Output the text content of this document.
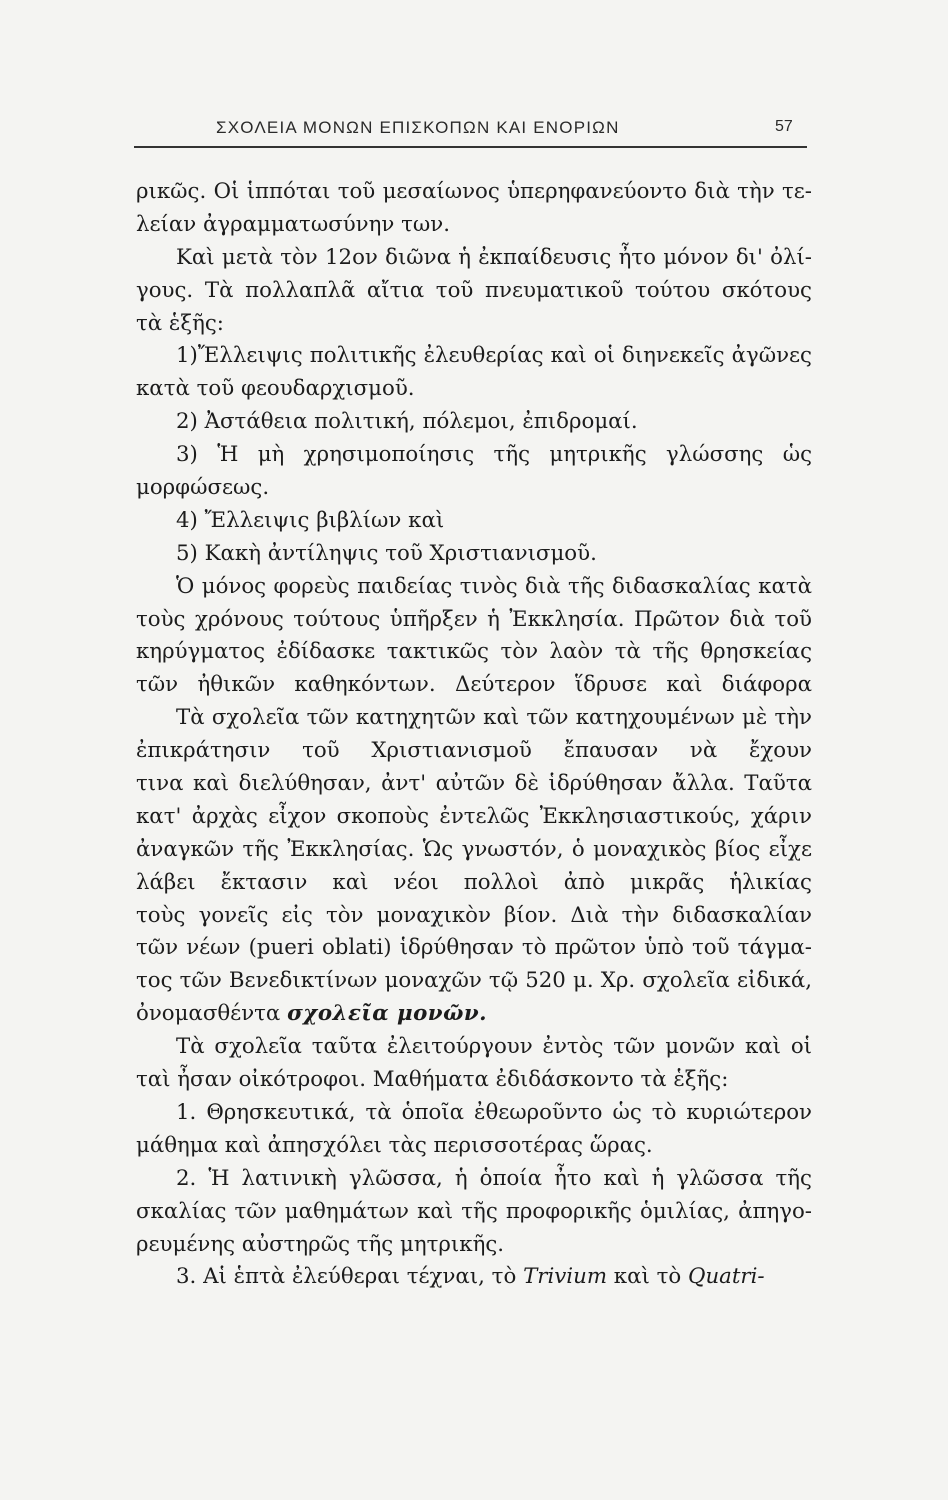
ΣΧΟΛΕΙΑ ΜΟΝΩΝ ΕΠΙΣΚΟΠΩΝ ΚΑΙ ΕΝΟΡΙΩΝ	57
ρικῶς. Οἱ ἱππόται τοῦ μεσαίωνος ὑπερηφανεύοντο διὰ τὴν τε-
λείαν ἀγραμματωσύνην των.
Καὶ μετὰ τὸν 12ον διῶνα ἡ ἐκπαίδευσις ἦτο μόνον δι' ὀλί-
γους. Τὰ πολλαπλᾶ αἴτια τοῦ πνευματικοῦ τούτου σκότους
τὰ ἑξῆς:
1)Ἔλλειψις πολιτικῆς ἐλευθερίας καὶ οἱ διηνεκεῖς ἀγῶνες
κατὰ τοῦ φεουδαρχισμοῦ.
2) Ἀστάθεια πολιτική, πόλεμοι, ἐπιδρομαί.
3) Ἡ μὴ χρησιμοποίησις τῆς μητρικῆς γλώσσης ὡς
μορφώσεως.
4) Ἔλλειψις βιβλίων καὶ
5) Κακὴ ἀντίληψις τοῦ Χριστιανισμοῦ.
Ὁ μόνος φορεὺς παιδείας τινὸς διὰ τῆς διδασκαλίας κατὰ
τοὺς χρόνους τούτους ὑπῆρξεν ἡ Ἐκκλησία. Πρῶτον διὰ τοῦ
κηρύγματος ἐδίδασκε τακτικῶς τὸν λαὸν τὰ τῆς θρησκείας
τῶν ἠθικῶν καθηκόντων. Δεύτερον ἵδρυσε καὶ διάφορα
Τὰ σχολεῖα τῶν κατηχητῶν καὶ τῶν κατηχουμένων μὲ τὴν
ἐπικράτησιν τοῦ Χριστιανισμοῦ ἔπαυσαν νὰ ἔχουν
τινα καὶ διελύθησαν, ἀντ' αὐτῶν δὲ ἱδρύθησαν ἄλλα. Ταῦτα
κατ' ἀρχὰς εἶχον σκοποὺς ἐντελῶς Ἐκκλησιαστικούς, χάριν
ἀναγκῶν τῆς Ἐκκλησίας. Ὡς γνωστόν, ὁ μοναχικὸς βίος εἶχε
λάβει ἔκτασιν καὶ νέοι πολλοὶ ἀπὸ μικρᾶς ἡλικίας
τοὺς γονεῖς εἰς τὸν μοναχικὸν βίον. Διὰ τὴν διδασκαλίαν
τῶν νέων (pueri oblati) ἱδρύθησαν τὸ πρῶτον ὑπὸ τοῦ τάγμα-
τος τῶν Βενεδικτίνων μοναχῶν τῷ 520 μ. Χρ. σχολεῖα εἰδικά,
ὀνομασθέντα σχολεῖα μονῶν.
Τὰ σχολεῖα ταῦτα ἐλειτούργουν ἐντὸς τῶν μονῶν καὶ οἱ
ταὶ ἦσαν οἰκότροφοι. Μαθήματα ἐδιδάσκοντο τὰ ἑξῆς:
1. Θρησκευτικά, τὰ ὁποῖα ἐθεωροῦντο ὡς τὸ κυριώτερον
μάθημα καὶ ἀπησχόλει τὰς περισσοτέρας ὥρας.
2. Ἡ λατινικὴ γλῶσσα, ἡ ὁποία ἦτο καὶ ἡ γλῶσσα τῆς
σκαλίας τῶν μαθημάτων καὶ τῆς προφορικῆς ὁμιλίας, ἀπηγο-
ρευμένης αὐστηρῶς τῆς μητρικῆς.
3. Αἱ ἑπτὰ ἐλεύθεραι τέχναι, τὸ Trivium καὶ τὸ Quatri-
